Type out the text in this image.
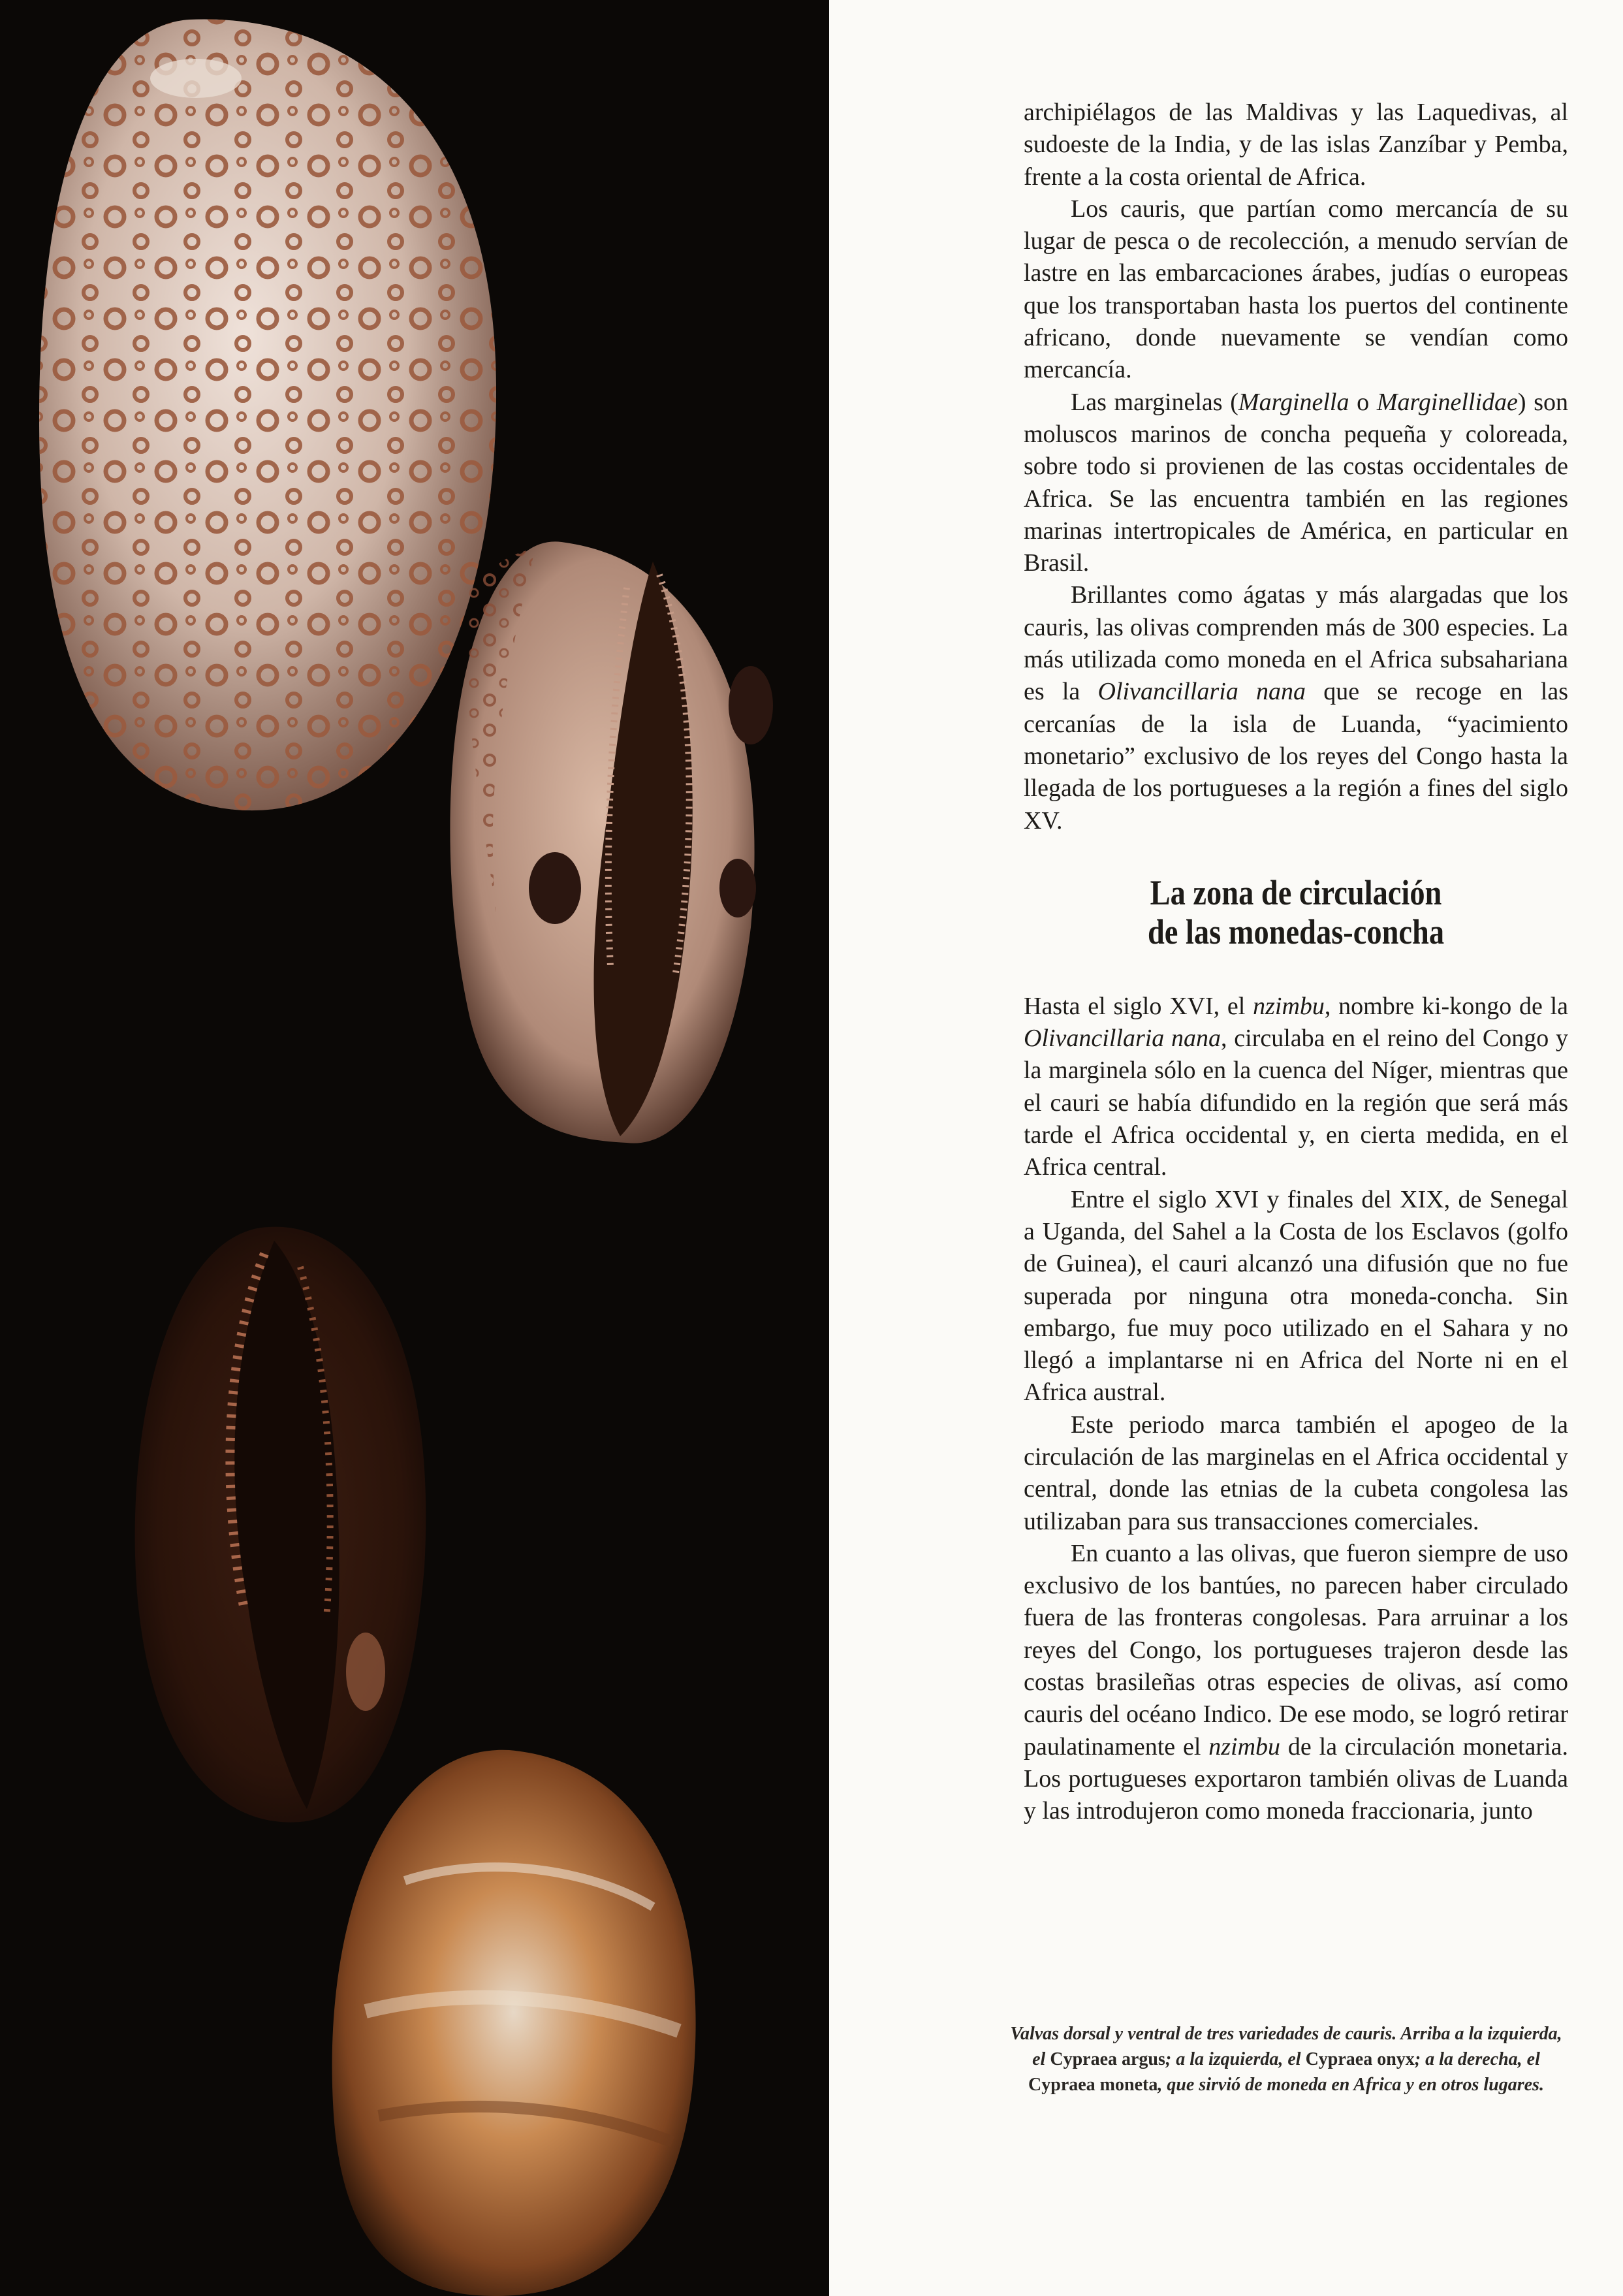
archipiélagos de las Maldivas y las Laquedivas, al sudoeste de la India, y de las islas Zanzíbar y Pemba, frente a la costa oriental de Africa.

Los cauris, que partían como mercancía de su lugar de pesca o de recolección, a menudo servían de lastre en las embarcaciones árabes, judías o europeas que los transportaban hasta los puertos del continente africano, donde nuevamente se vendían como mercancía.

Las marginelas (Marginella o Marginellidae) son moluscos marinos de concha pequeña y coloreada, sobre todo si provienen de las costas occidentales de Africa. Se las encuentra también en las regiones marinas intertropicales de América, en particular en Brasil.

Brillantes como ágatas y más alargadas que los cauris, las olivas comprenden más de 300 especies. La más utilizada como moneda en el Africa subsahariana es la Olivancillaria nana que se recoge en las cercanías de la isla de Luanda, “yacimiento monetario” exclusivo de los reyes del Congo hasta la llegada de los portugueses a la región a fines del siglo XV.

La zona de circulación
de las monedas-concha

Hasta el siglo XVI, el nzimbu, nombre ki-kongo de la Olivancillaria nana, circulaba en el reino del Congo y la marginela sólo en la cuenca del Níger, mientras que el cauri se había difundido en la región que será más tarde el Africa occidental y, en cierta medida, en el Africa central.

Entre el siglo XVI y finales del XIX, de Senegal a Uganda, del Sahel a la Costa de los Esclavos (golfo de Guinea), el cauri alcanzó una difusión que no fue superada por ninguna otra moneda-concha. Sin embargo, fue muy poco utilizado en el Sahara y no llegó a implantarse ni en Africa del Norte ni en el Africa austral.

Este periodo marca también el apogeo de la circulación de las marginelas en el Africa occidental y central, donde las etnias de la cubeta congolesa las utilizaban para sus transacciones comerciales.

En cuanto a las olivas, que fueron siempre de uso exclusivo de los bantúes, no parecen haber circulado fuera de las fronteras congolesas. Para arruinar a los reyes del Congo, los portugueses trajeron desde las costas brasileñas otras especies de olivas, así como cauris del océano Indico. De ese modo, se logró retirar paulatinamente el nzimbu de la circulación monetaria. Los portugueses exportaron también olivas de Luanda y las introdujeron como moneda fraccionaria, junto

Valvas dorsal y ventral de tres variedades de cauris. Arriba a la izquierda, el Cypraea argus; a la izquierda, el Cypraea onyx; a la derecha, el Cypraea moneta, que sirvió de moneda en Africa y en otros lugares.
